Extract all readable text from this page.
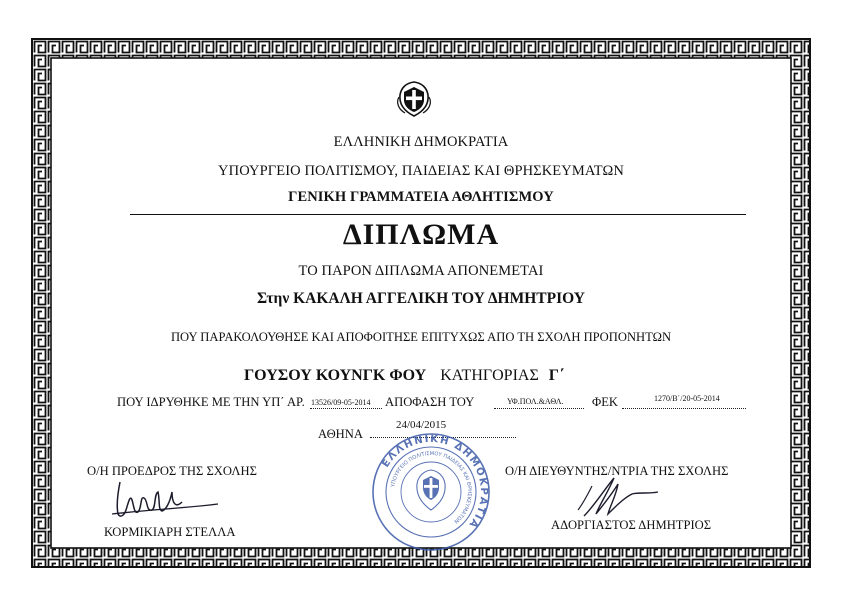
ΕΛΛΗΝΙΚΗ ΔΗΜΟΚΡΑΤΙΑ
ΥΠΟΥΡΓΕΙΟ ΠΟΛΙΤΙΣΜΟΥ, ΠΑΙΔΕΙΑΣ ΚΑΙ ΘΡΗΣΚΕΥΜΑΤΩΝ
ΓΕΝΙΚΗ ΓΡΑΜΜΑΤΕΙΑ ΑΘΛΗΤΙΣΜΟΥ
ΔΙΠΛΩΜΑ
ΤΟ ΠΑΡΟΝ ΔΙΠΛΩΜΑ ΑΠΟΝΕΜΕΤΑΙ
Στην ΚΑΚΑΛΗ ΑΓΓΕΛΙΚΗ ΤΟΥ ΔΗΜΗΤΡΙΟΥ
ΠΟΥ ΠΑΡΑΚΟΛΟΥΘΗΣΕ ΚΑΙ ΑΠΟΦΟΙΤΗΣΕ ΕΠΙΤΥΧΩΣ ΑΠΟ ΤΗ ΣΧΟΛΗ ΠΡΟΠΟΝΗΤΩΝ
ΓΟΥΣΟΥ ΚΟΥΝΓΚ ΦΟΥ ΚΑΤΗΓΟΡΙΑΣ Γ΄
ΠΟΥ ΙΔΡΥΘΗΚΕ ΜΕ ΤΗΝ ΥΠ΄ ΑΡ. 13526/09-05-2014 ΑΠΟΦΑΣΗ ΤΟΥ	ΥΦ.ΠΟΛ.&ΑΘΛ. ΦΕΚ	1270/Β΄/20-05-2014
ΑΘΗΝΑ
24/04/2015
Ο/Η ΠΡΟΕΔΡΟΣ ΤΗΣ ΣΧΟΛΗΣ	Ο/Η ΔΙΕΥΘΥΝΤΗΣ/ΝΤΡΙΑ ΤΗΣ ΣΧΟΛΗΣ
ΚΟΡΜΙΚΙΑΡΗ ΣΤΕΛΛΑ	ΑΔΟΡΓΙΑΣΤΟΣ ΔΗΜΗΤΡΙΟΣ
ΕΛΛΗΝΙΚΗ ΔΗΜΟΚΡΑΤΙΑ
ΥΠΟΥΡΓΕΙΟ ΠΟΛΙΤΙΣΜΟΥ ΠΑΙΔΕΙΑΣ ΚΑΙ ΘΡΗΣΚΕΥΜΑΤΩΝ
